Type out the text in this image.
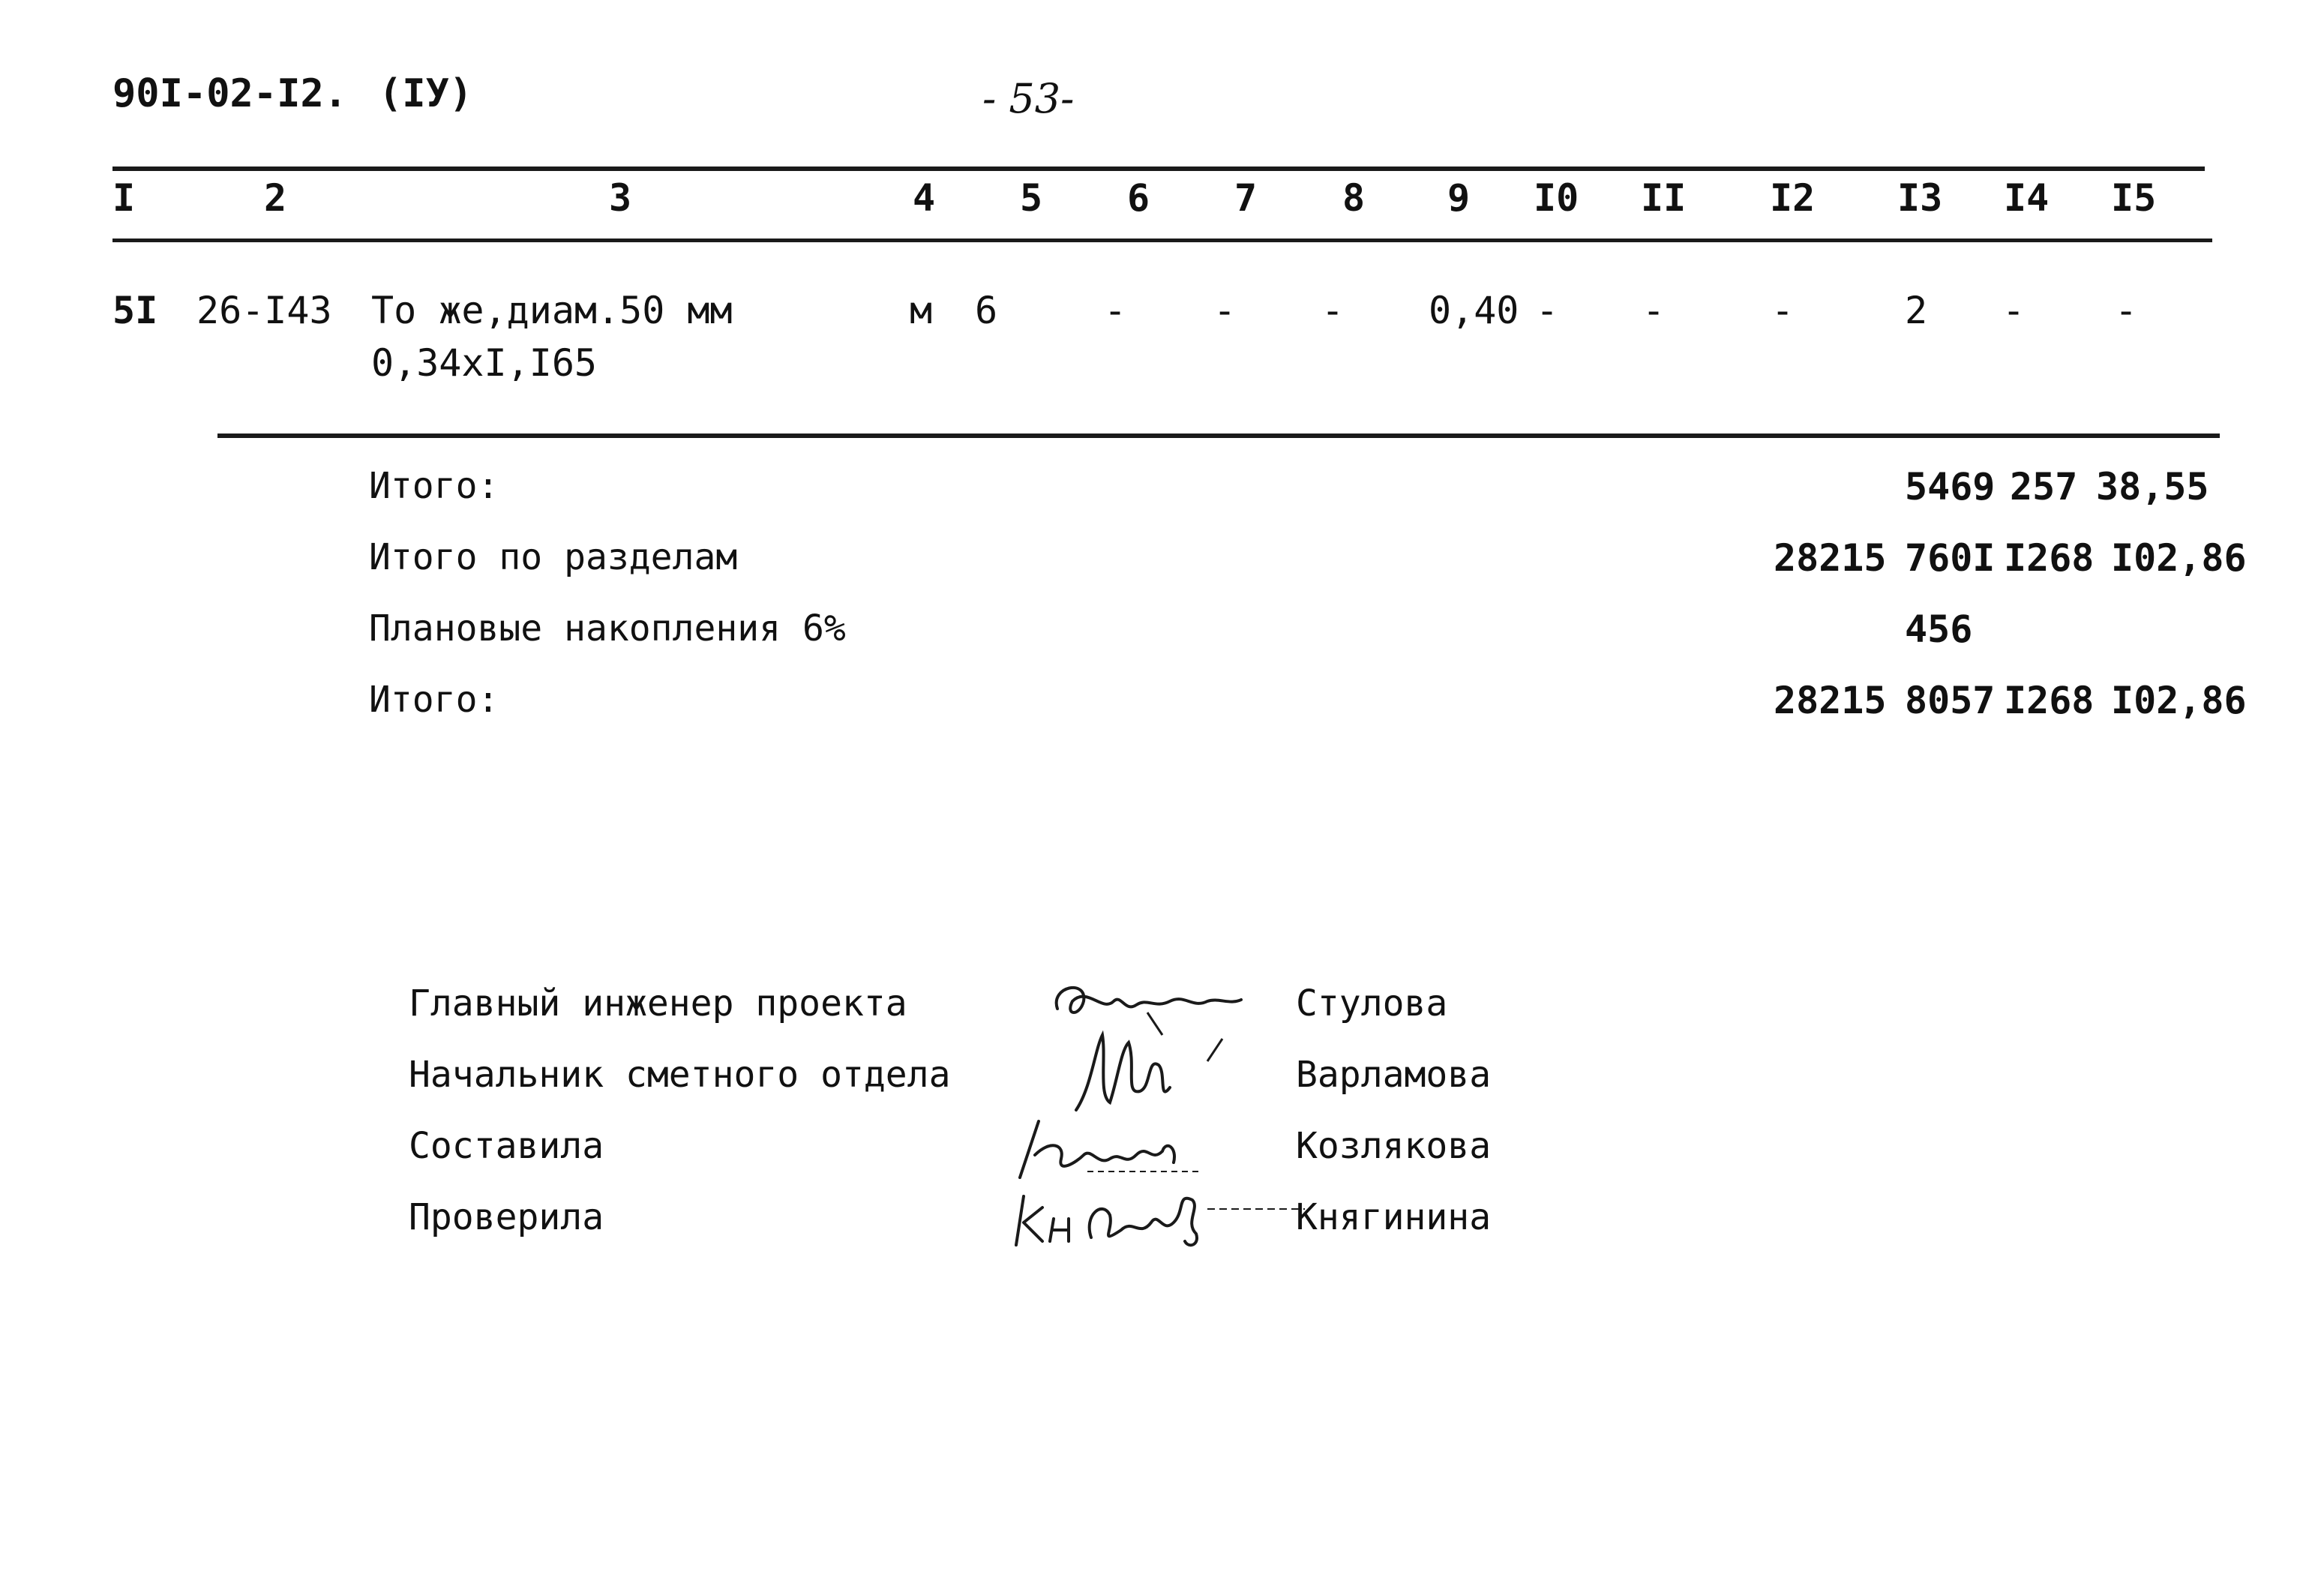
90I-02-I2. (IУ)	- 53-
I	2	3	4 5 6 7 8 9 I0 II I2 I3 I4 I5
5I 26-I43 То же,диам.50 мм
0,34xI,I65
м 6	- - - 0,40 - -	-	2 - -
Итого:	5469 257 38,55
Итого по разделам	28215 760I I268 I02,86
Плановые накопления 6%	456
Итого:	28215 8057 I268 I02,86
Главный инженер проекта	Стулова
Начальник сметного отдела	Варламова
Составила	Козлякова
Проверила	Княгинина
